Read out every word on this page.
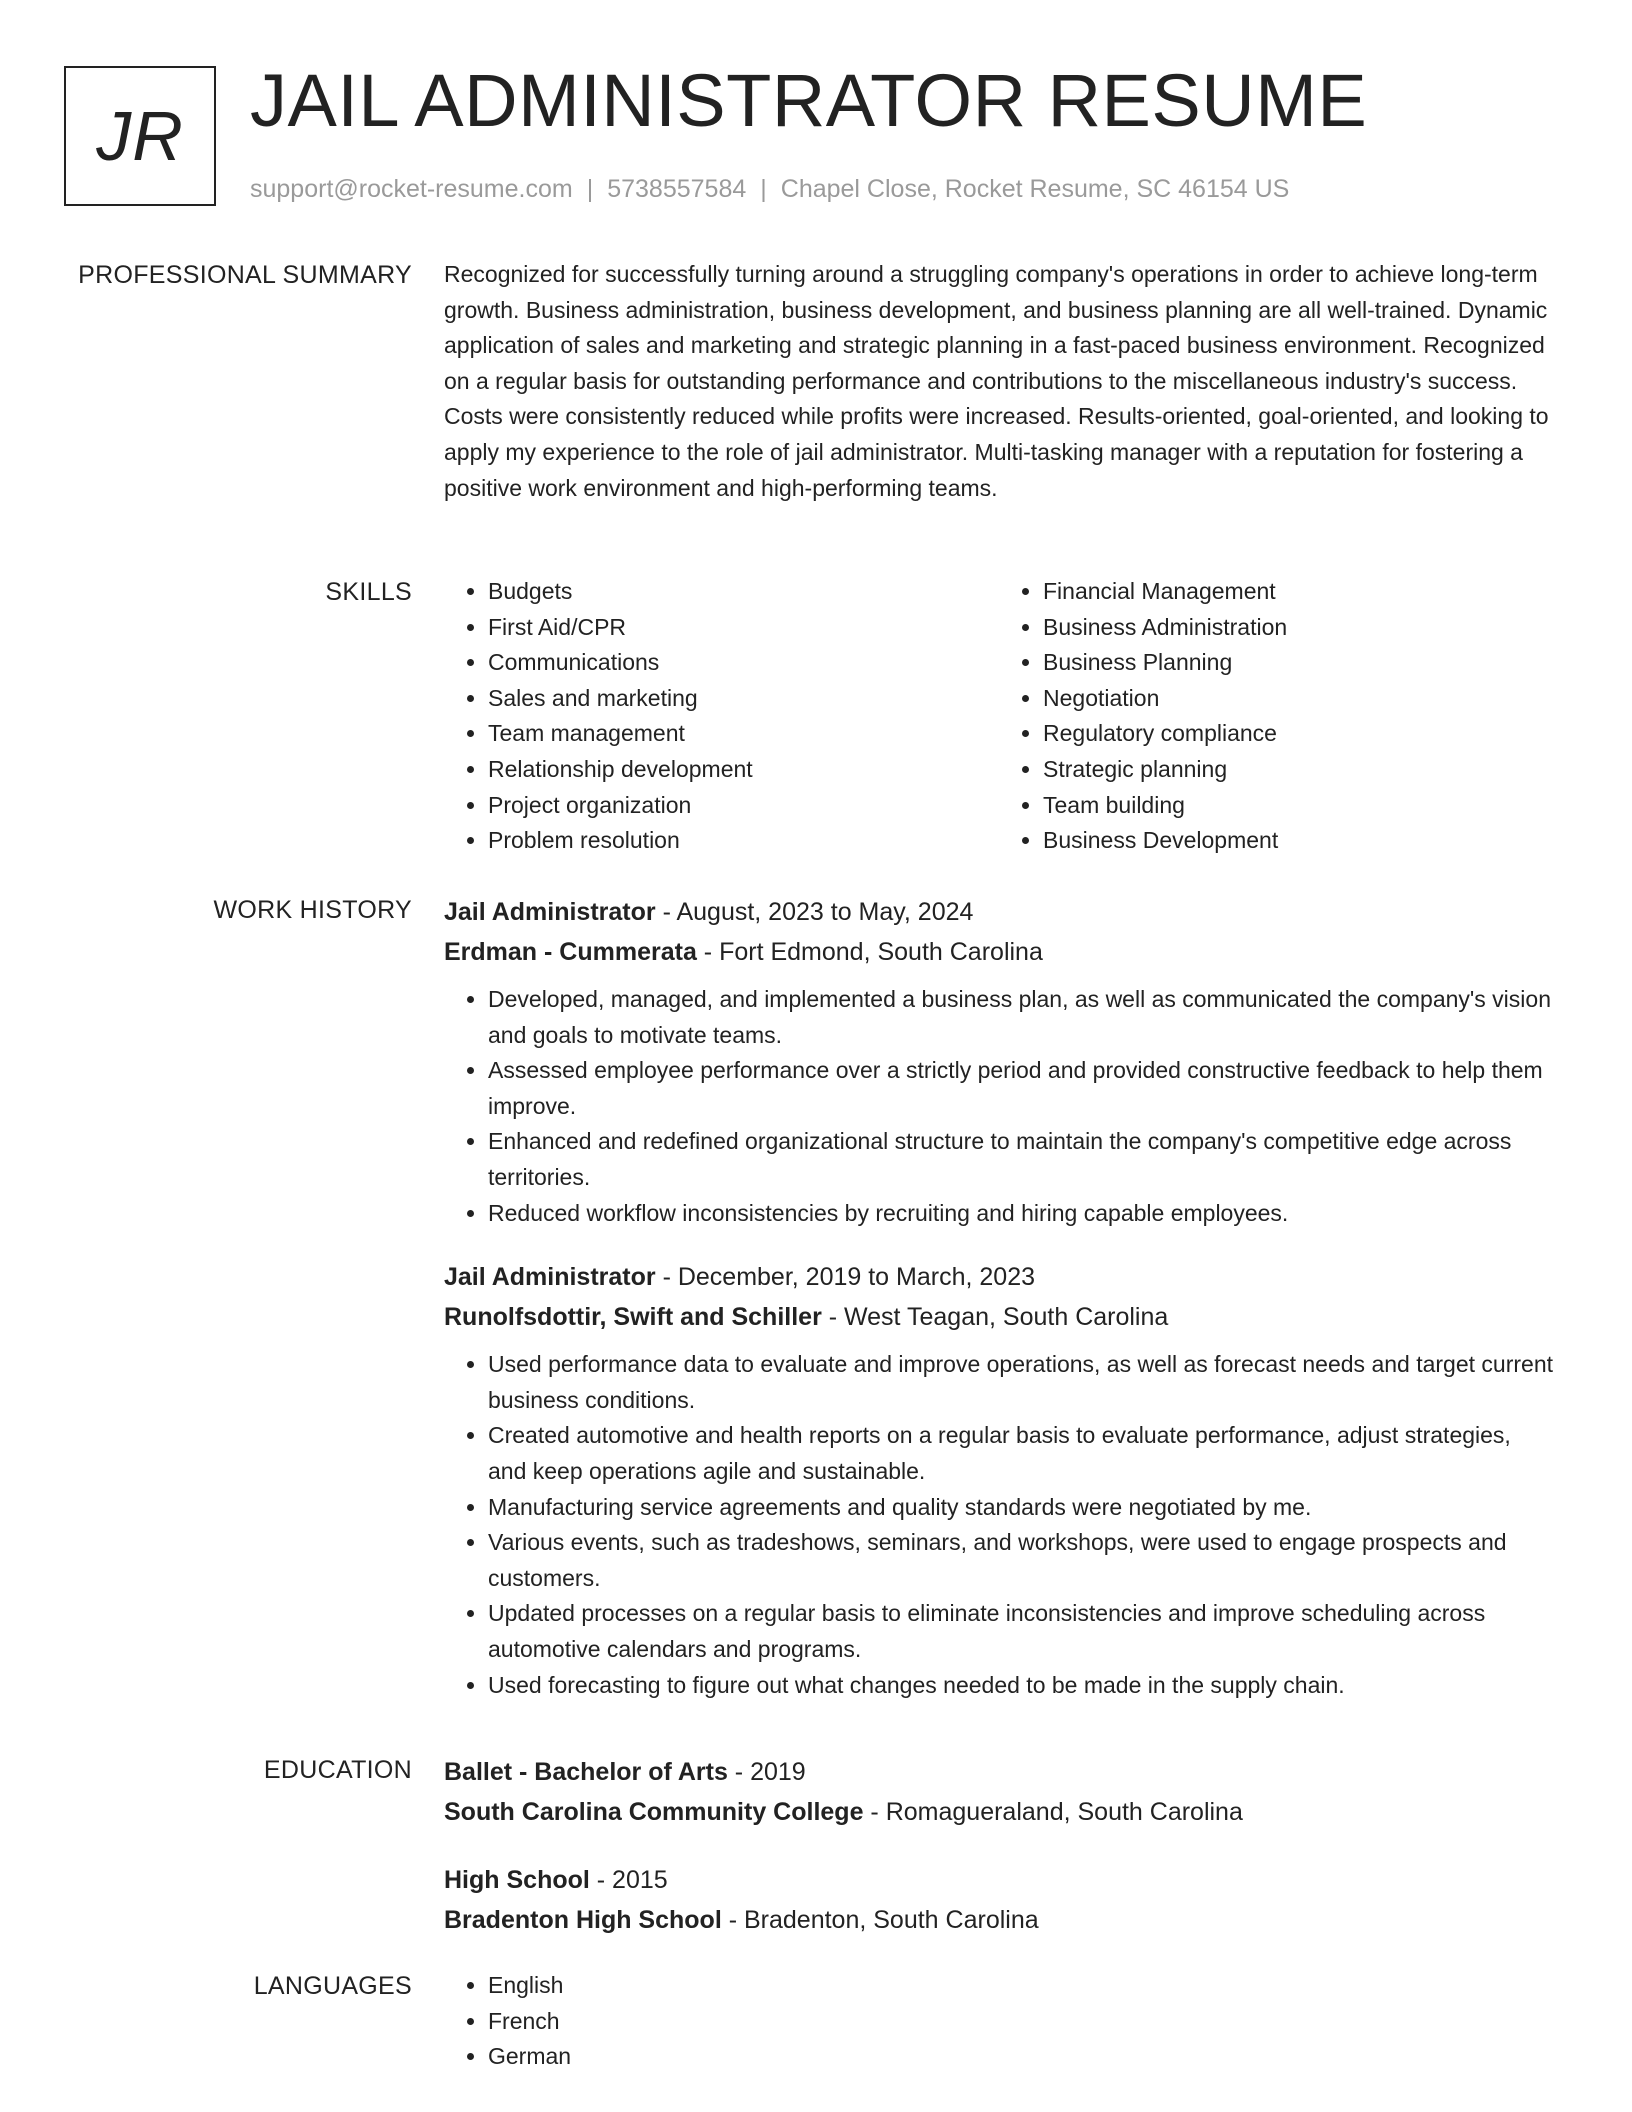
JR JAIL ADMINISTRATOR RESUME
support@rocket-resume.com | 5738557584 | Chapel Close, Rocket Resume, SC 46154 US
PROFESSIONAL SUMMARY Recognized for successfully turning around a struggling company's operations in order to achieve long-term growth. Business administration, business development, and business planning are all well-trained. Dynamic application of sales and marketing and strategic planning in a fast-paced business environment. Recognized on a regular basis for outstanding performance and contributions to the miscellaneous industry's success. Costs were consistently reduced while profits were increased. Results-oriented, goal-oriented, and looking to apply my experience to the role of jail administrator. Multi-tasking manager with a reputation for fostering a positive work environment and high-performing teams.

SKILLS	• Budgets
• First Aid/CPR
• Communications
• Sales and marketing
• Team management
• Relationship development
• Project organization
• Problem resolution
• Financial Management
• Business Administration
• Business Planning
• Negotiation
• Regulatory compliance
• Strategic planning
• Team building
• Business Development
WORK HISTORY Jail Administrator - August, 2023 to May, 2024
Erdman - Cummerata - Fort Edmond, South Carolina
• Developed, managed, and implemented a business plan, as well as communicated the company's vision and goals to motivate teams.
• Assessed employee performance over a strictly period and provided constructive feedback to help them improve.
• Enhanced and redefined organizational structure to maintain the company's competitive edge across territories.
• Reduced workflow inconsistencies by recruiting and hiring capable employees.
Jail Administrator - December, 2019 to March, 2023
Runolfsdottir, Swift and Schiller - West Teagan, South Carolina
• Used performance data to evaluate and improve operations, as well as forecast needs and target current business conditions.
• Created automotive and health reports on a regular basis to evaluate performance, adjust strategies, and keep operations agile and sustainable.
• Manufacturing service agreements and quality standards were negotiated by me.
• Various events, such as tradeshows, seminars, and workshops, were used to engage prospects and customers.
• Updated processes on a regular basis to eliminate inconsistencies and improve scheduling across automotive calendars and programs.
• Used forecasting to figure out what changes needed to be made in the supply chain.
EDUCATION Ballet - Bachelor of Arts - 2019
South Carolina Community College - Romagueraland, South Carolina
High School - 2015
Bradenton High School - Bradenton, South Carolina
LANGUAGES	• English
• French
• German
